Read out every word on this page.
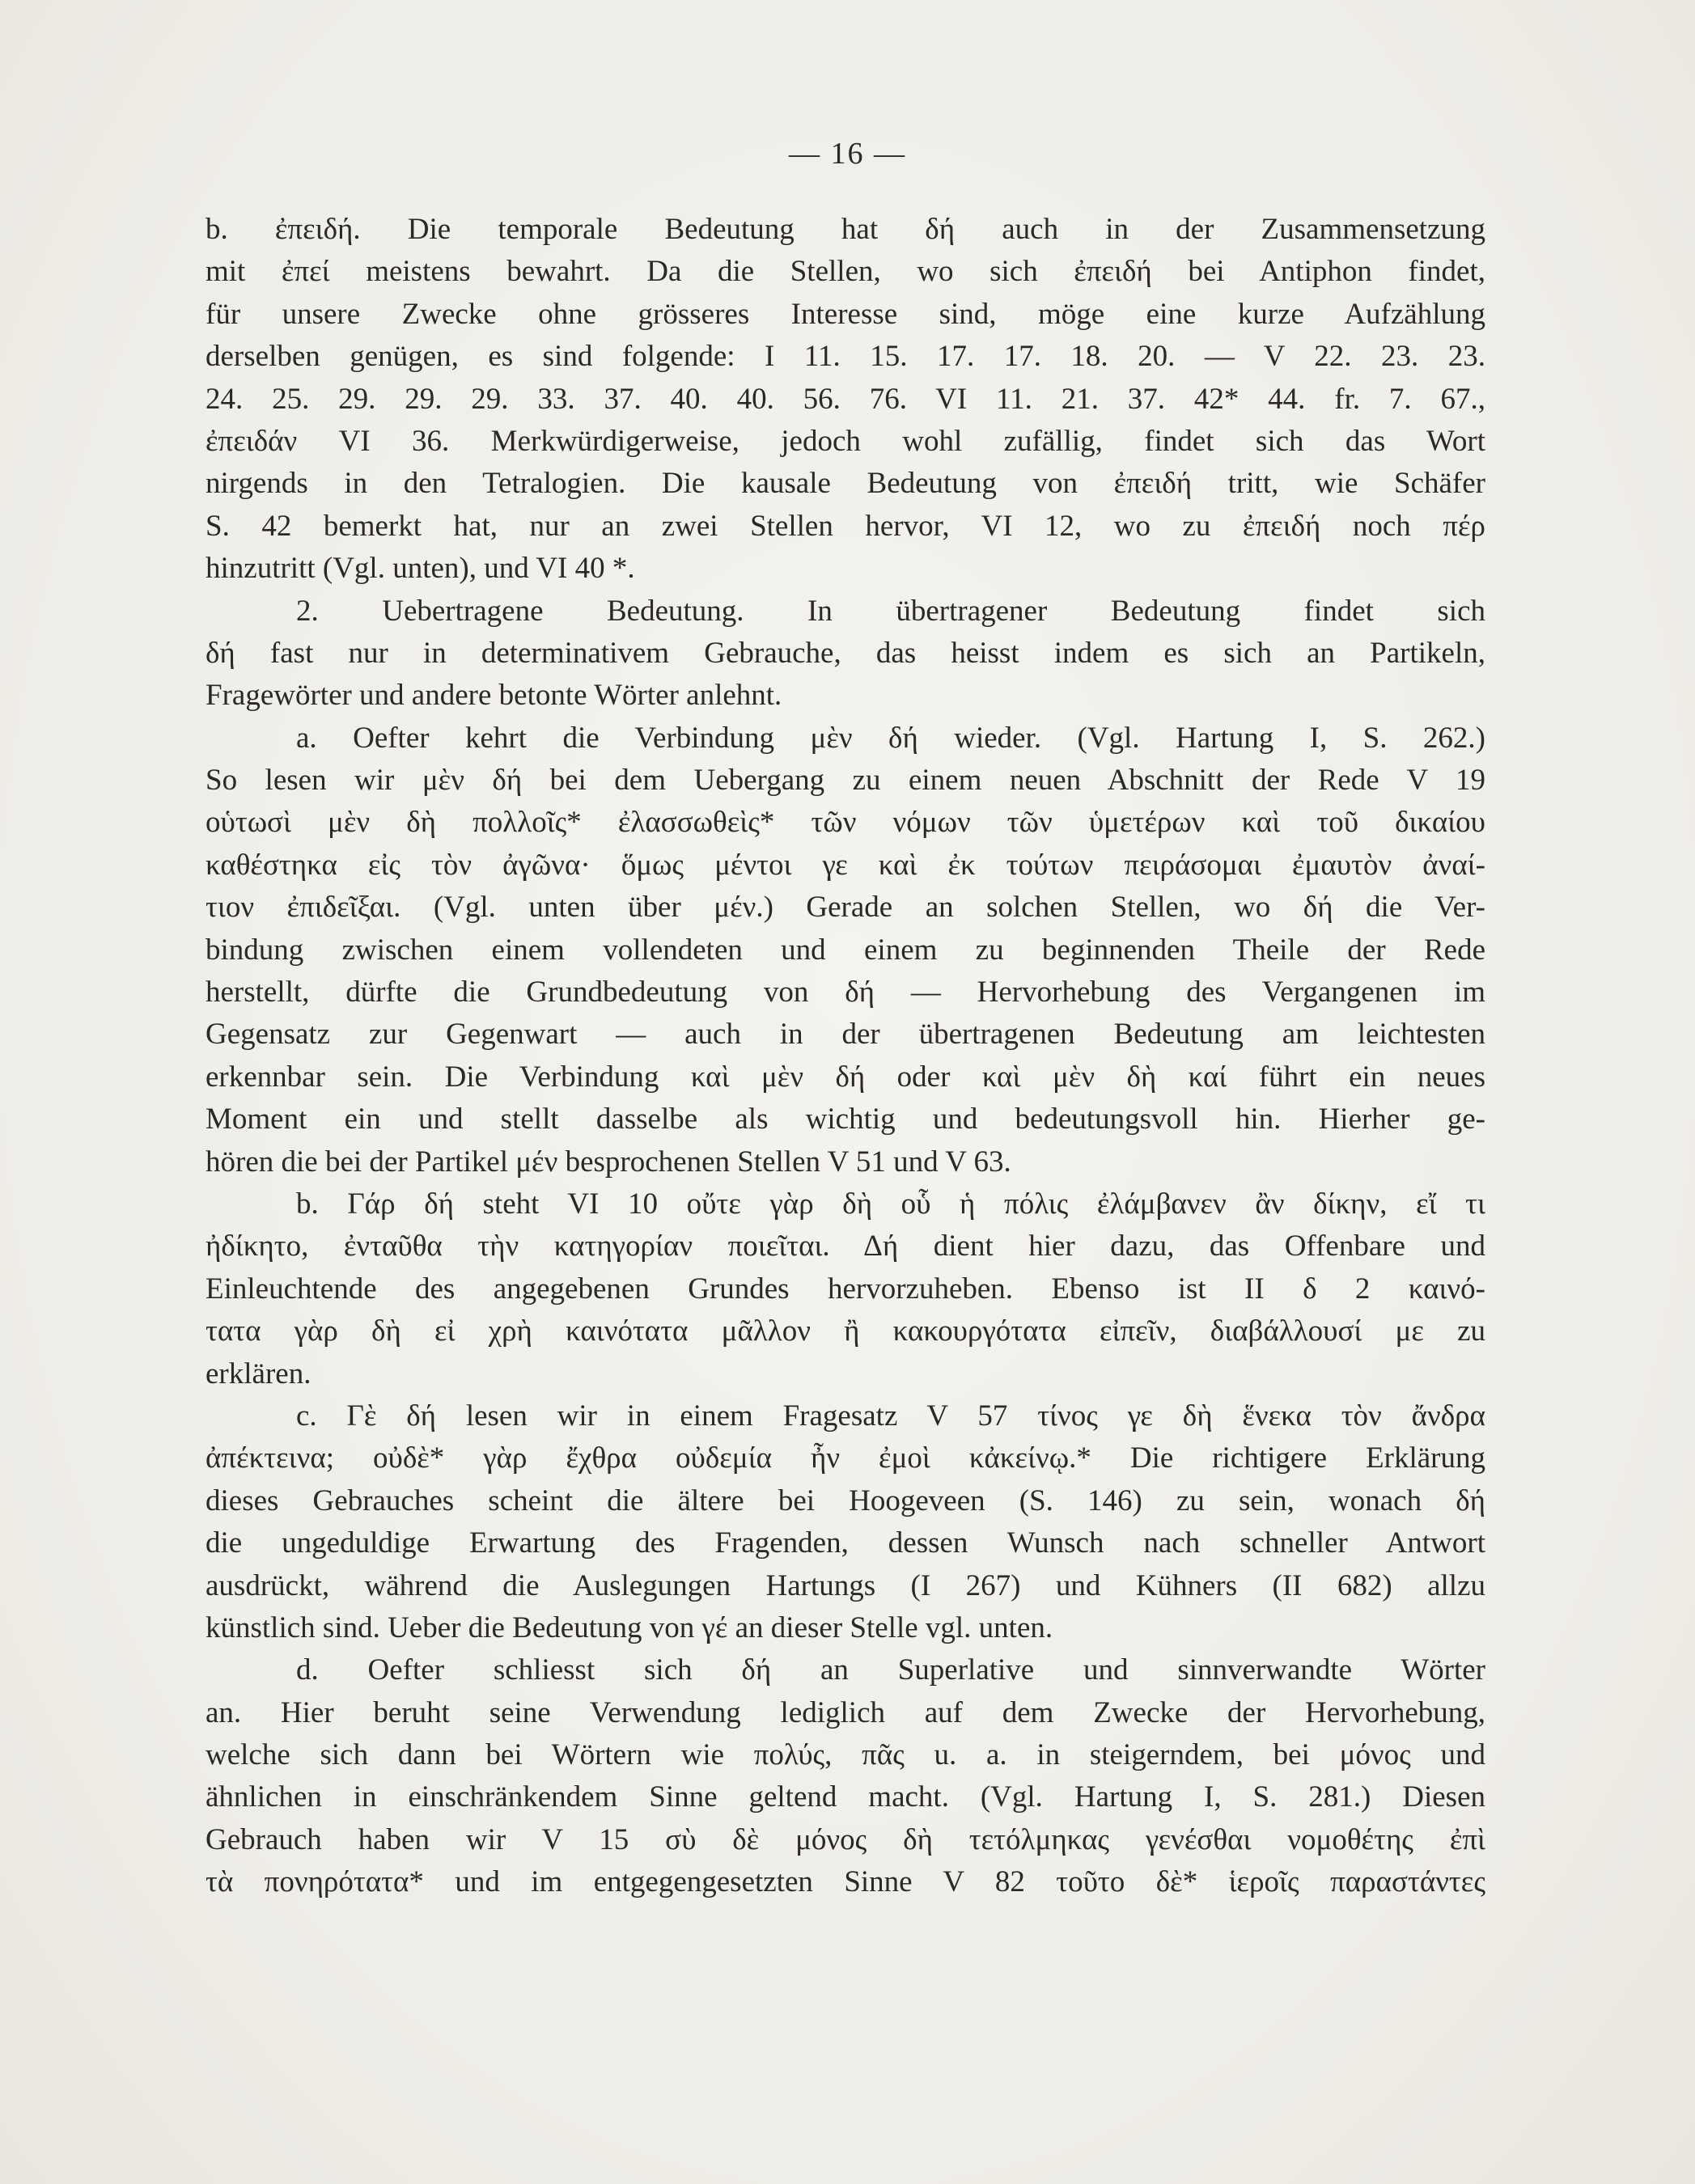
— 16 —
b. ἐπειδή. Die temporale Bedeutung hat δή auch in der Zusammensetzung
mit ἐπεί meistens bewahrt. Da die Stellen, wo sich ἐπειδή bei Antiphon findet,
für unsere Zwecke ohne grösseres Interesse sind, möge eine kurze Aufzählung
derselben genügen, es sind folgende: I 11. 15. 17. 17. 18. 20. — V 22. 23. 23.
24. 25. 29. 29. 29. 33. 37. 40. 40. 56. 76. VI 11. 21. 37. 42* 44. fr. 7. 67.,
ἐπειδάν VI 36. Merkwürdigerweise, jedoch wohl zufällig, findet sich das Wort
nirgends in den Tetralogien. Die kausale Bedeutung von ἐπειδή tritt, wie Schäfer
S. 42 bemerkt hat, nur an zwei Stellen hervor, VI 12, wo zu ἐπειδή noch πέρ
hinzutritt (Vgl. unten), und VI 40 *.
2. Uebertragene Bedeutung. In übertragener Bedeutung findet sich
δή fast nur in determinativem Gebrauche, das heisst indem es sich an Partikeln,
Fragewörter und andere betonte Wörter anlehnt.
a. Oefter kehrt die Verbindung μὲν δή wieder. (Vgl. Hartung I, S. 262.)
So lesen wir μὲν δή bei dem Uebergang zu einem neuen Abschnitt der Rede V 19
οὑτωσὶ μὲν δὴ πολλοῖς* ἐλασσωθεὶς* τῶν νόμων τῶν ὑμετέρων καὶ τοῦ δικαίου
καθέστηκα εἰς τὸν ἀγῶνα· ὅμως μέντοι γε καὶ ἐκ τούτων πειράσομαι ἐμαυτὸν ἀναί-
τιον ἐπιδεῖξαι. (Vgl. unten über μέν.) Gerade an solchen Stellen, wo δή die Ver-
bindung zwischen einem vollendeten und einem zu beginnenden Theile der Rede
herstellt, dürfte die Grundbedeutung von δή — Hervorhebung des Vergangenen im
Gegensatz zur Gegenwart — auch in der übertragenen Bedeutung am leichtesten
erkennbar sein. Die Verbindung καὶ μὲν δή oder καὶ μὲν δὴ καί führt ein neues
Moment ein und stellt dasselbe als wichtig und bedeutungsvoll hin. Hierher ge-
hören die bei der Partikel μέν besprochenen Stellen V 51 und V 63.
b. Γάρ δή steht VI 10 οὔτε γὰρ δὴ οὗ ἡ πόλις ἐλάμβανεν ἂν δίκην, εἴ τι
ἠδίκητο, ἐνταῦθα τὴν κατηγορίαν ποιεῖται. Δή dient hier dazu, das Offenbare und
Einleuchtende des angegebenen Grundes hervorzuheben. Ebenso ist II δ 2 καινό-
τατα γὰρ δὴ εἰ χρὴ καινότατα μᾶλλον ἢ κακουργότατα εἰπεῖν, διαβάλλουσί με zu
erklären.
c. Γὲ δή lesen wir in einem Fragesatz V 57 τίνος γε δὴ ἕνεκα τὸν ἄνδρα
ἀπέκτεινα; οὐδὲ* γὰρ ἔχθρα οὐδεμία ἦν ἐμοὶ κἀκείνῳ.* Die richtigere Erklärung
dieses Gebrauches scheint die ältere bei Hoogeveen (S. 146) zu sein, wonach δή
die ungeduldige Erwartung des Fragenden, dessen Wunsch nach schneller Antwort
ausdrückt, während die Auslegungen Hartungs (I 267) und Kühners (II 682) allzu
künstlich sind. Ueber die Bedeutung von γέ an dieser Stelle vgl. unten.
d. Oefter schliesst sich δή an Superlative und sinnverwandte Wörter
an. Hier beruht seine Verwendung lediglich auf dem Zwecke der Hervorhebung,
welche sich dann bei Wörtern wie πολύς, πᾶς u. a. in steigerndem, bei μόνος und
ähnlichen in einschränkendem Sinne geltend macht. (Vgl. Hartung I, S. 281.) Diesen
Gebrauch haben wir V 15 σὺ δὲ μόνος δὴ τετόλμηκας γενέσθαι νομοθέτης ἐπὶ
τὰ πονηρότατα* und im entgegengesetzten Sinne V 82 τοῦτο δὲ* ἱεροῖς παραστάντες
